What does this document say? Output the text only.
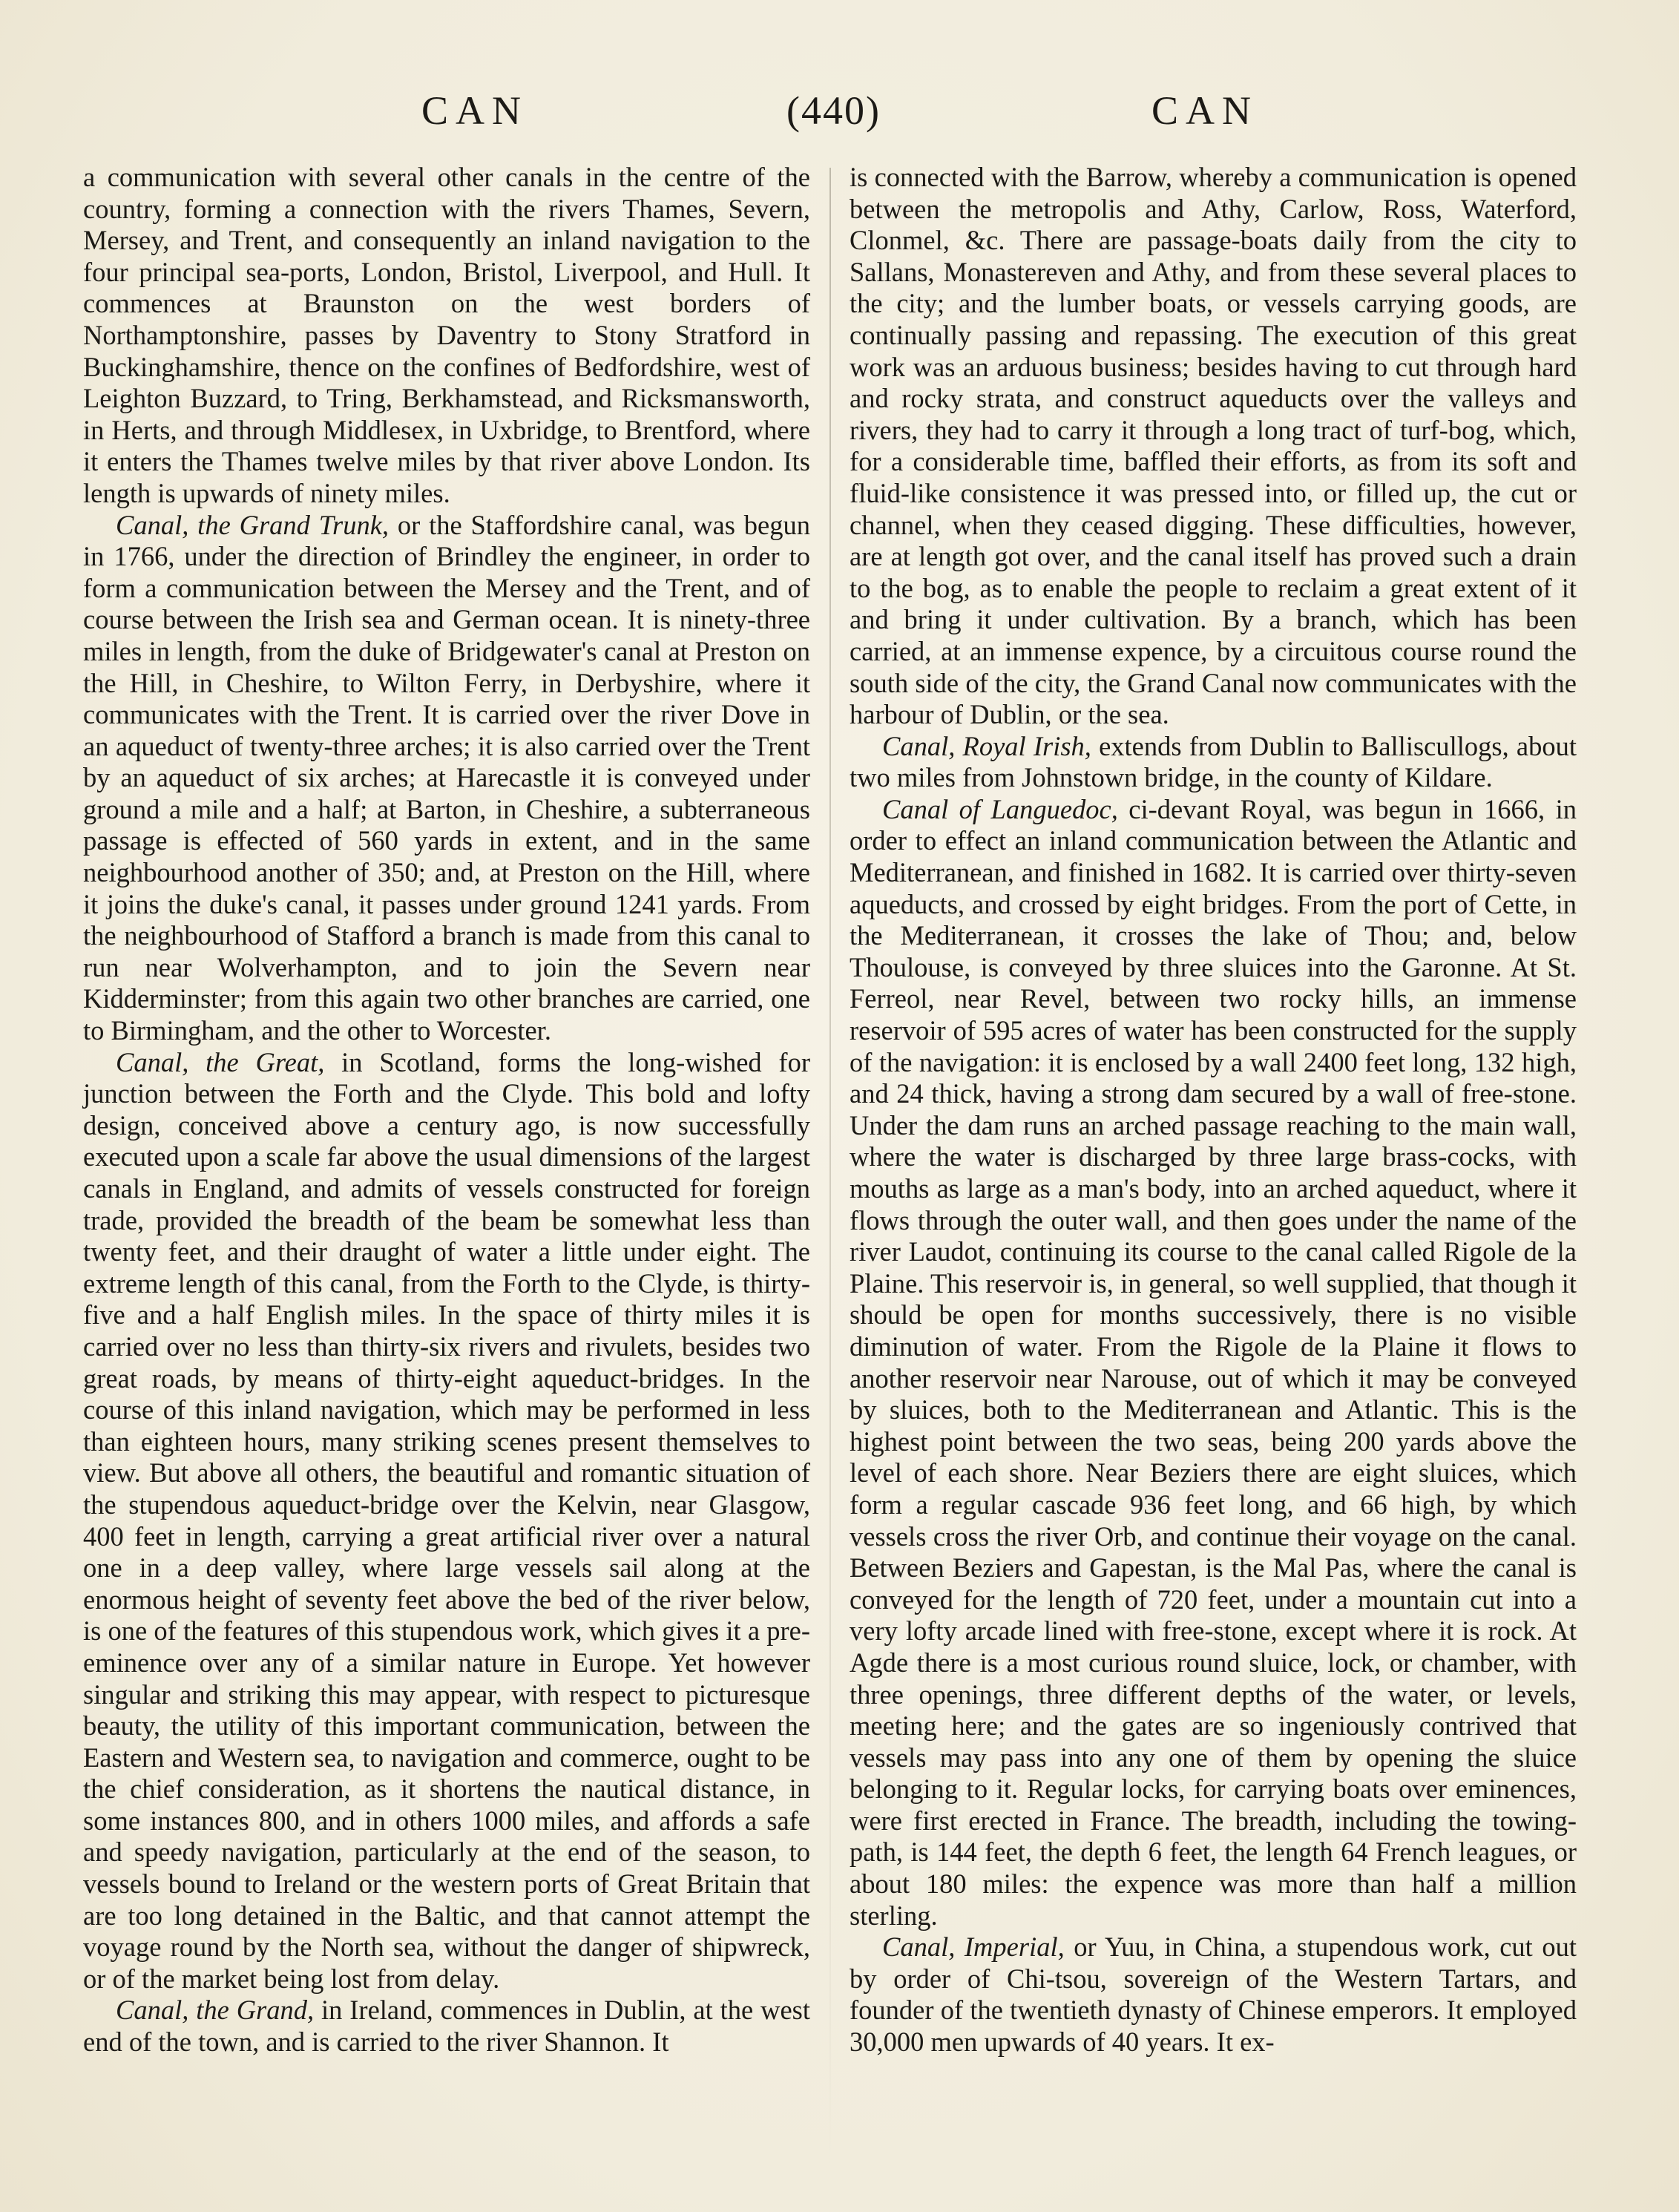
CAN	(440)	CAN

a communication with several other canals in the centre of the country, forming a connection with the rivers Thames, Severn, Mersey, and Trent, and consequently an inland navigation to the four principal sea-ports, London, Bristol, Liverpool, and Hull. It commences at Braunston on the west borders of Northamptonshire, passes by Daventry to Stony Stratford in Buckinghamshire, thence on the confines of Bedfordshire, west of Leighton Buzzard, to Tring, Berkhamstead, and Ricksmansworth, in Herts, and through Middlesex, in Uxbridge, to Brentford, where it enters the Thames twelve miles by that river above London. Its length is upwards of ninety miles.

Canal, the Grand Trunk, or the Staffordshire canal, was begun in 1766, under the direction of Brindley the engineer, in order to form a communication between the Mersey and the Trent, and of course between the Irish sea and German ocean. It is ninety-three miles in length, from the duke of Bridgewater's canal at Preston on the Hill, in Cheshire, to Wilton Ferry, in Derbyshire, where it communicates with the Trent. It is carried over the river Dove in an aqueduct of twenty-three arches; it is also carried over the Trent by an aqueduct of six arches; at Harecastle it is conveyed under ground a mile and a half; at Barton, in Cheshire, a subterraneous passage is effected of 560 yards in extent, and in the same neighbourhood another of 350; and, at Preston on the Hill, where it joins the duke's canal, it passes under ground 1241 yards. From the neighbourhood of Stafford a branch is made from this canal to run near Wolverhampton, and to join the Severn near Kidderminster; from this again two other branches are carried, one to Birmingham, and the other to Worcester.

Canal, the Great, in Scotland, forms the long-wished for junction between the Forth and the Clyde. This bold and lofty design, conceived above a century ago, is now successfully executed upon a scale far above the usual dimensions of the largest canals in England, and admits of vessels constructed for foreign trade, provided the breadth of the beam be somewhat less than twenty feet, and their draught of water a little under eight. The extreme length of this canal, from the Forth to the Clyde, is thirty-five and a half English miles. In the space of thirty miles it is carried over no less than thirty-six rivers and rivulets, besides two great roads, by means of thirty-eight aqueduct-bridges. In the course of this inland navigation, which may be performed in less than eighteen hours, many striking scenes present themselves to view. But above all others, the beautiful and romantic situation of the stupendous aqueduct-bridge over the Kelvin, near Glasgow, 400 feet in length, carrying a great artificial river over a natural one in a deep valley, where large vessels sail along at the enormous height of seventy feet above the bed of the river below, is one of the features of this stupendous work, which gives it a pre-eminence over any of a similar nature in Europe. Yet however singular and striking this may appear, with respect to picturesque beauty, the utility of this important communication, between the Eastern and Western sea, to navigation and commerce, ought to be the chief consideration, as it shortens the nautical distance, in some instances 800, and in others 1000 miles, and affords a safe and speedy navigation, particularly at the end of the season, to vessels bound to Ireland or the western ports of Great Britain that are too long detained in the Baltic, and that cannot attempt the voyage round by the North sea, without the danger of shipwreck, or of the market being lost from delay.

Canal, the Grand, in Ireland, commences in Dublin, at the west end of the town, and is carried to the river Shannon. It

is connected with the Barrow, whereby a communication is opened between the metropolis and Athy, Carlow, Ross, Waterford, Clonmel, &c. There are passage-boats daily from the city to Sallans, Monastereven and Athy, and from these several places to the city; and the lumber boats, or vessels carrying goods, are continually passing and repassing. The execution of this great work was an arduous business; besides having to cut through hard and rocky strata, and construct aqueducts over the valleys and rivers, they had to carry it through a long tract of turf-bog, which, for a considerable time, baffled their efforts, as from its soft and fluid-like consistence it was pressed into, or filled up, the cut or channel, when they ceased digging. These difficulties, however, are at length got over, and the canal itself has proved such a drain to the bog, as to enable the people to reclaim a great extent of it and bring it under cultivation. By a branch, which has been carried, at an immense expence, by a circuitous course round the south side of the city, the Grand Canal now communicates with the harbour of Dublin, or the sea.

Canal, Royal Irish, extends from Dublin to Balliscullogs, about two miles from Johnstown bridge, in the county of Kildare.

Canal of Languedoc, ci-devant Royal, was begun in 1666, in order to effect an inland communication between the Atlantic and Mediterranean, and finished in 1682. It is carried over thirty-seven aqueducts, and crossed by eight bridges. From the port of Cette, in the Mediterranean, it crosses the lake of Thou; and, below Thoulouse, is conveyed by three sluices into the Garonne. At St. Ferreol, near Revel, between two rocky hills, an immense reservoir of 595 acres of water has been constructed for the supply of the navigation: it is enclosed by a wall 2400 feet long, 132 high, and 24 thick, having a strong dam secured by a wall of free-stone. Under the dam runs an arched passage reaching to the main wall, where the water is discharged by three large brass-cocks, with mouths as large as a man's body, into an arched aqueduct, where it flows through the outer wall, and then goes under the name of the river Laudot, continuing its course to the canal called Rigole de la Plaine. This reservoir is, in general, so well supplied, that though it should be open for months successively, there is no visible diminution of water. From the Rigole de la Plaine it flows to another reservoir near Narouse, out of which it may be conveyed by sluices, both to the Mediterranean and Atlantic. This is the highest point between the two seas, being 200 yards above the level of each shore. Near Beziers there are eight sluices, which form a regular cascade 936 feet long, and 66 high, by which vessels cross the river Orb, and continue their voyage on the canal. Between Beziers and Gapestan, is the Mal Pas, where the canal is conveyed for the length of 720 feet, under a mountain cut into a very lofty arcade lined with free-stone, except where it is rock. At Agde there is a most curious round sluice, lock, or chamber, with three openings, three different depths of the water, or levels, meeting here; and the gates are so ingeniously contrived that vessels may pass into any one of them by opening the sluice belonging to it. Regular locks, for carrying boats over eminences, were first erected in France. The breadth, including the towing-path, is 144 feet, the depth 6 feet, the length 64 French leagues, or about 180 miles: the expence was more than half a million sterling.

Canal, Imperial, or Yuu, in China, a stupendous work, cut out by order of Chi-tsou, sovereign of the Western Tartars, and founder of the twentieth dynasty of Chinese emperors. It employed 30,000 men upwards of 40 years. It ex-
